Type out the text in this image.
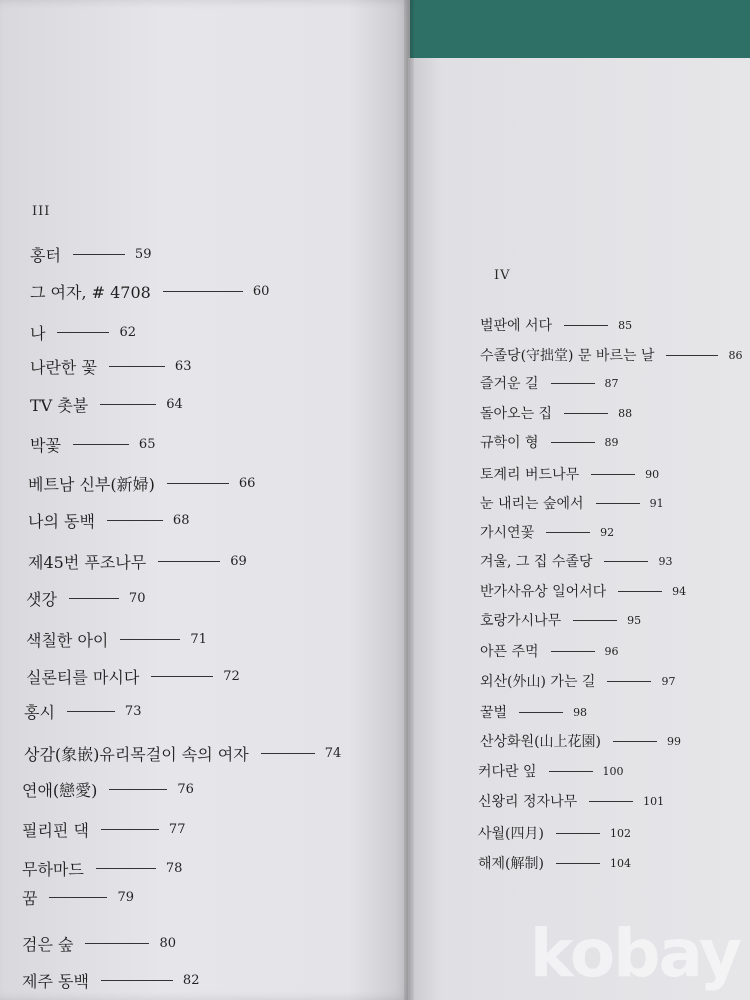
III
홍터	59
그 여자, # 4708	60
나	62
나란한 꽃	63
TV 촛불	64
박꽃	65
베트남 신부(新婦)	66
나의 동백	68
제45번 푸조나무	69
샛강	70
색칠한 아이	71
실론티를 마시다	72
홍시	73
상감(象嵌)유리목걸이 속의 여자	74
연애(戀愛)	76
필리핀 댁	77
무하마드	78
꿈	79
검은 숲	80
제주 동백	82
IV
벌판에 서다	85
수졸당(守拙堂) 문 바르는 날	86
즐거운 길	87
돌아오는 집	88
규학이 형	89
토계리 버드나무	90
눈 내리는 숲에서	91
가시연꽃	92
겨울, 그 집 수졸당	93
반가사유상 일어서다	94
호랑가시나무	95
아픈 주먹	96
외산(外山) 가는 길	97
꿀벌	98
산상화원(山上花園)	99
커다란 잎	100
신왕리 정자나무	101
사월(四月)	102
해제(解制)	104
kobay
